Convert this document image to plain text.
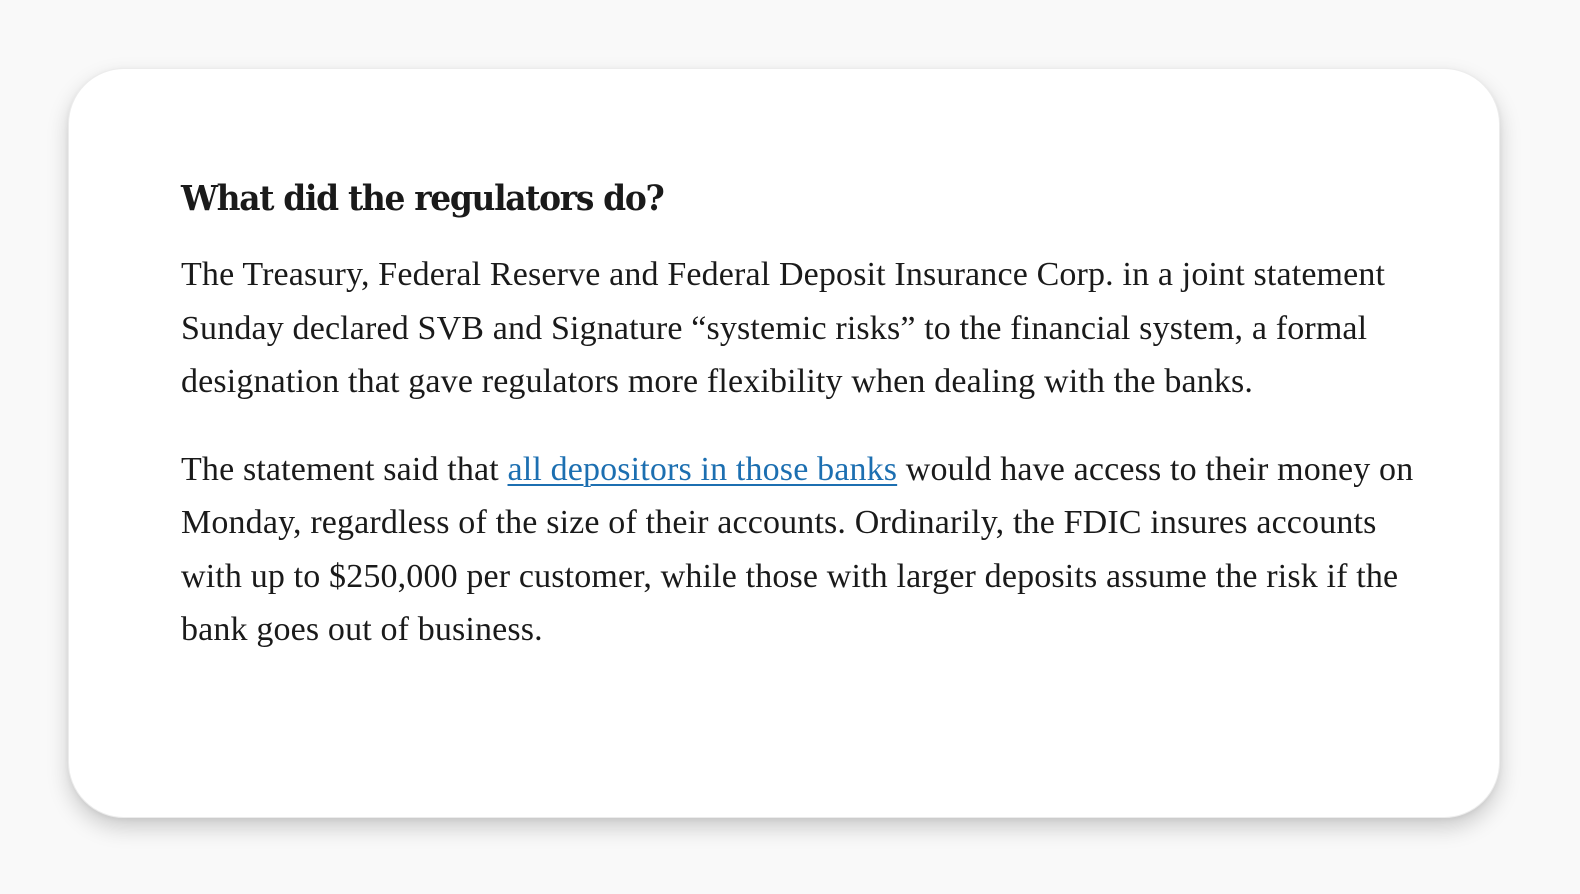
What did the regulators do?

The Treasury, Federal Reserve and Federal Deposit Insurance Corp. in a joint statement Sunday declared SVB and Signature “systemic risks” to the financial system, a formal designation that gave regulators more flexibility when dealing with the banks.

The statement said that all depositors in those banks would have access to their money on Monday, regardless of the size of their accounts. Ordinarily, the FDIC insures accounts with up to $250,000 per customer, while those with larger deposits assume the risk if the bank goes out of business.
